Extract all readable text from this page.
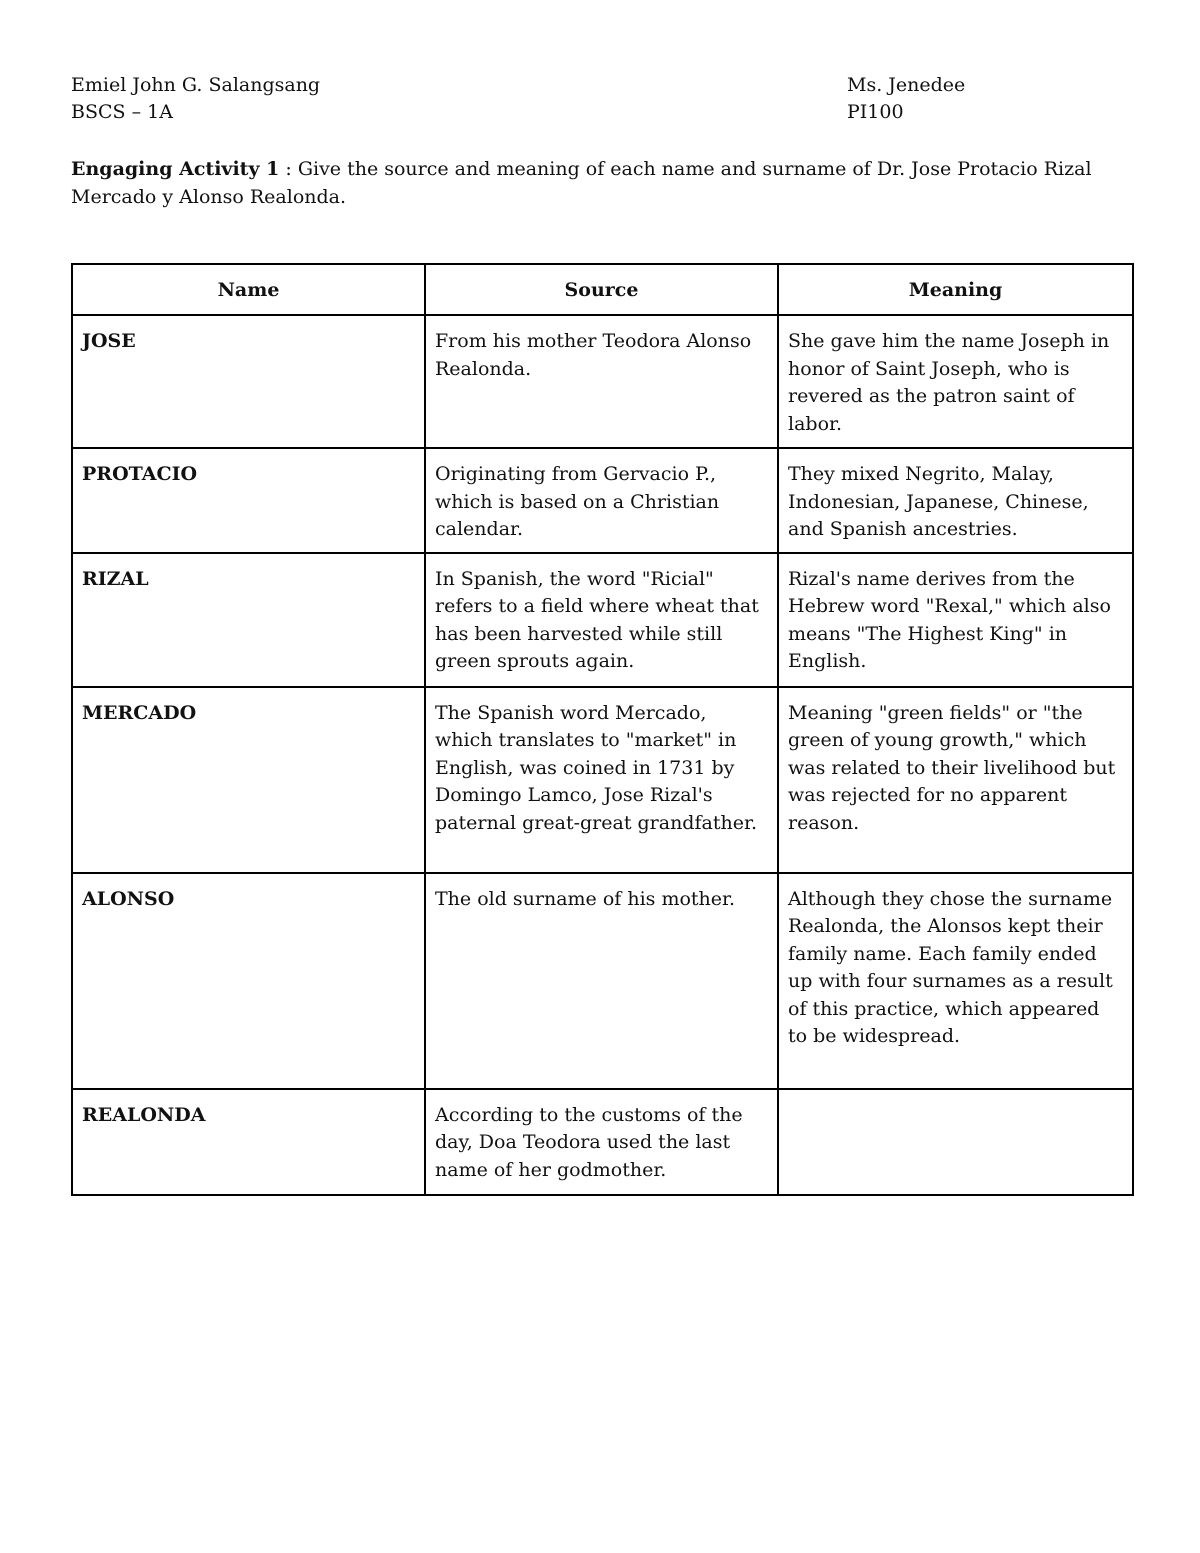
Emiel John G. Salangsang
BSCS – 1A
Ms. Jenedee
PI100
Engaging Activity 1 : Give the source and meaning of each name and surname of Dr. Jose Protacio Rizal Mercado y Alonso Realonda.
Name	Source	Meaning
JOSE	From his mother Teodora Alonso Realonda.	She gave him the name Joseph in honor of Saint Joseph, who is revered as the patron saint of labor.
PROTACIO	Originating from Gervacio P., which is based on a Christian calendar.	They mixed Negrito, Malay, Indonesian, Japanese, Chinese, and Spanish ancestries.
RIZAL	In Spanish, the word "Ricial" refers to a field where wheat that has been harvested while still green sprouts again.	Rizal's name derives from the Hebrew word "Rexal," which also means "The Highest King" in English.
MERCADO	The Spanish word Mercado, which translates to "market" in English, was coined in 1731 by Domingo Lamco, Jose Rizal's paternal great-great grandfather.	Meaning "green fields" or "the green of young growth," which was related to their livelihood but was rejected for no apparent reason.
ALONSO	The old surname of his mother.	Although they chose the surname Realonda, the Alonsos kept their family name. Each family ended up with four surnames as a result of this practice, which appeared to be widespread.
REALONDA	According to the customs of the day, Doa Teodora used the last name of her godmother.	
